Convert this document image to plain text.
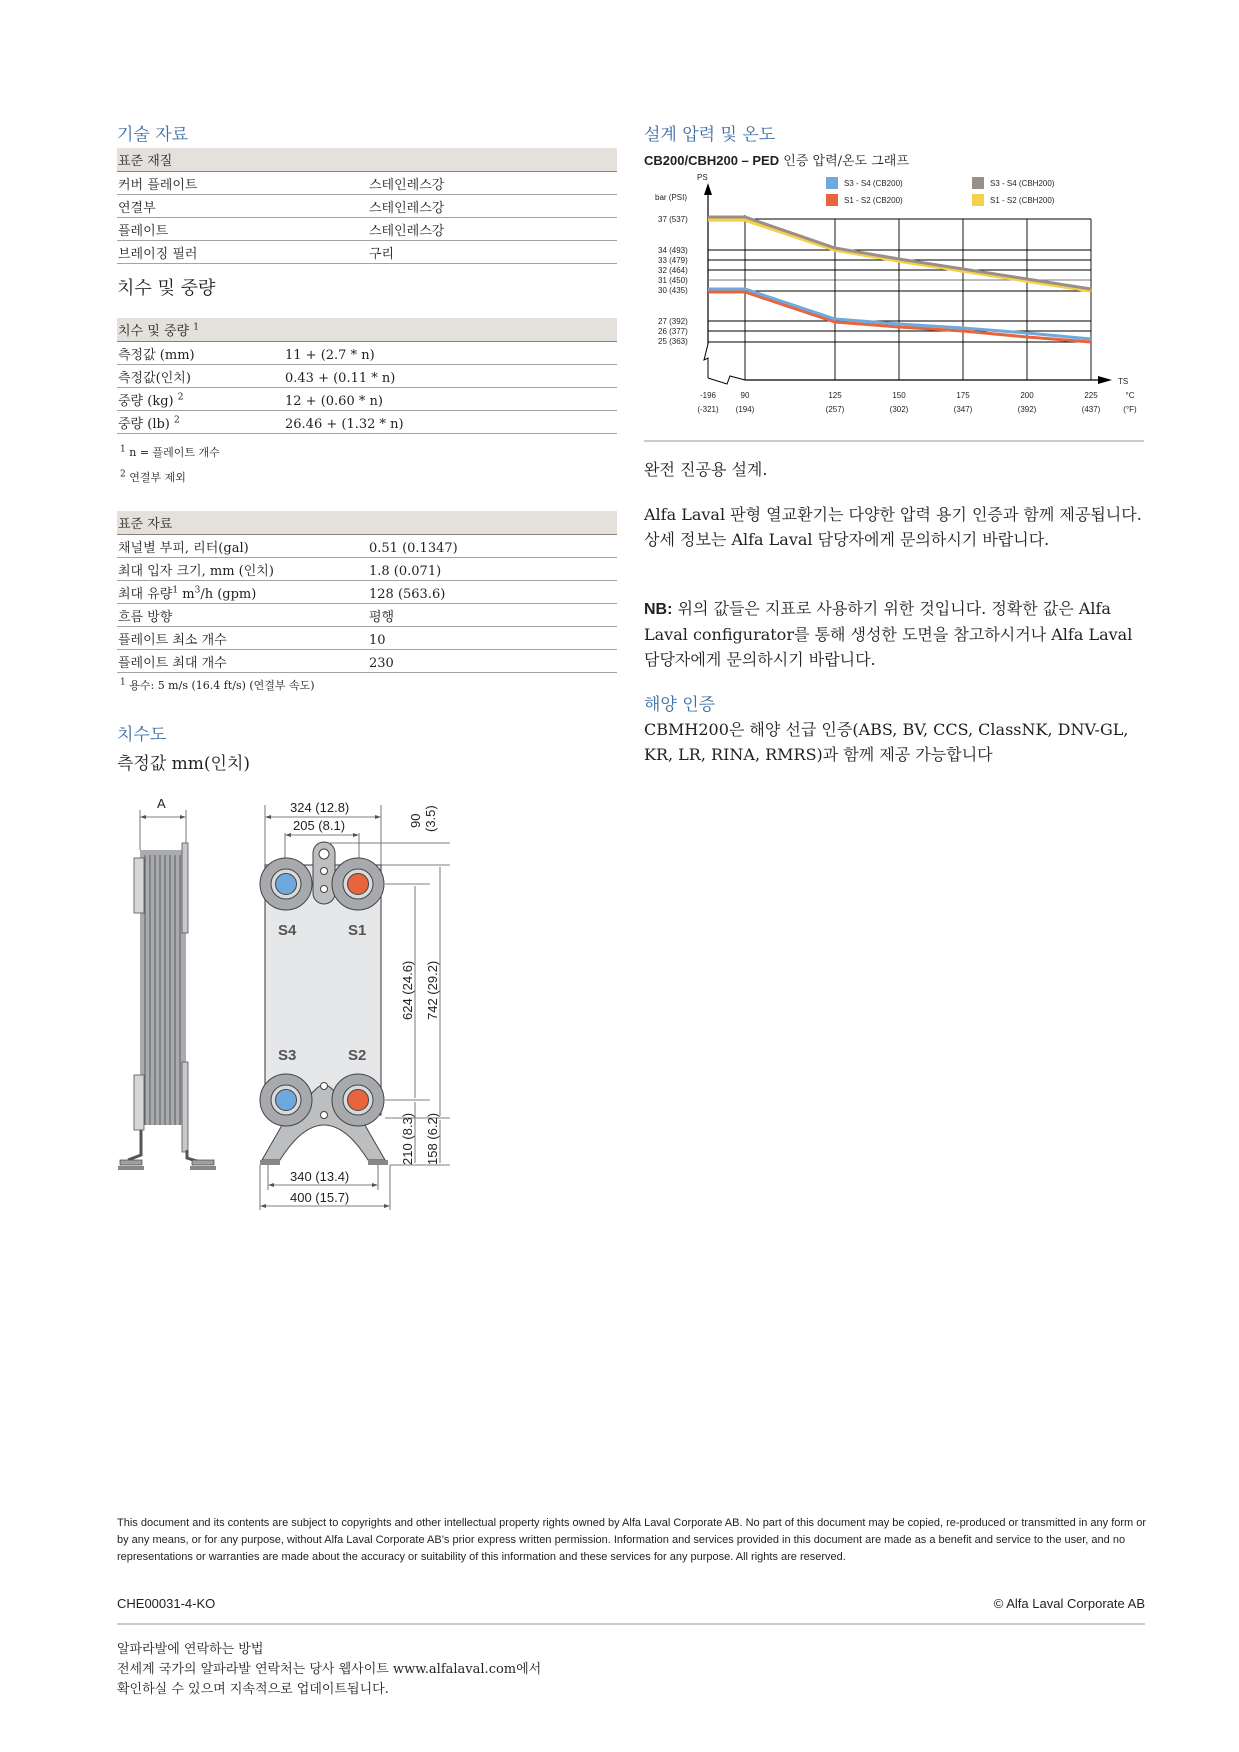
기술 자료
표준 재질	
커버 플레이트	스테인레스강
연결부	스테인레스강
플레이트	스테인레스강
브레이징 필러	구리
치수 및 중량
치수 및 중량 $^1$
측정값 (mm)	11 + (2.7 * n)
측정값(인치)	0.43 + (0.11 * n)
중량 (kg) $^2$	12 + (0.60 * n)
중량 (lb) $^2$	26.46 + (1.32 * n)
$^1$ n = 플레이트 개수
$^2$ 연결부 제외
표준 자료	
채널별 부피, 리터(gal)	0.51 (0.1347)
최대 입자 크기, mm (인치)	1.8 (0.071)
최대 유량$^1$ $m^3/h$ (gpm)	128 (563.6)
흐름 방향	평행
플레이트 최소 개수	10
플레이트 최대 개수	230
$^1$ 용수: 5 m/s (16.4 ft/s) (연결부 속도)
치수도
측정값 mm(인치)
A	324 (12.8)
205 (8.1)	90 (3.5)
S4	S1
S3	S2
624 (24.6) 742 (29.2)
210 (8.3) 158 (6.2)
340 (13.4)
400 (15.7)
설계 압력 및 온도
CB200/CBH200 – PED 인증 압력/온도 그래프
PS
bar (PSI)
S3 - S4 (CB200)
S1 - S2 (CB200)
S3 - S4 (CBH200)
S1 - S2 (CBH200)
TS
37 (537)
34 (493)
33 (479)
32 (464)
31 (450)
30 (435)
27 (392)
26 (377)
25 (363)
-196	90	125	150	175	200	225	°C
(-321) (194)	(257)	(302)	(347)	(392)	(437)	(°F)
완전 진공용 설계.
Alfa Laval 판형 열교환기는 다양한 압력 용기 인증과 함께 제공됩니다. 상세 정보는 Alfa Laval 담당자에게 문의하시기 바랍니다.
NB: 위의 값들은 지표로 사용하기 위한 것입니다. 정확한 값은 Alfa Laval configurator를 통해 생성한 도면을 참고하시거나 Alfa Laval 담당자에게 문의하시기 바랍니다.
해양 인증
CBMH200은 해양 선급 인증(ABS, BV, CCS, ClassNK, DNV-GL, KR, LR, RINA, RMRS)과 함께 제공 가능합니다
This document and its contents are subject to copyrights and other intellectual property rights owned by Alfa Laval Corporate AB. No part of this document may be copied, re-produced or transmitted in any form or by any means, or for any purpose, without Alfa Laval Corporate AB’s prior express written permission. Information and services provided in this document are made as a benefit and service to the user, and no representations or warranties are made about the accuracy or suitability of this information and these services for any purpose. All rights are reserved.
CHE00031-4-KO	© Alfa Laval Corporate AB
알파라발에 연락하는 방법
전세계 국가의 알파라발 연락처는 당사 웹사이트 www.alfalaval.com에서
확인하실 수 있으며 지속적으로 업데이트됩니다.
